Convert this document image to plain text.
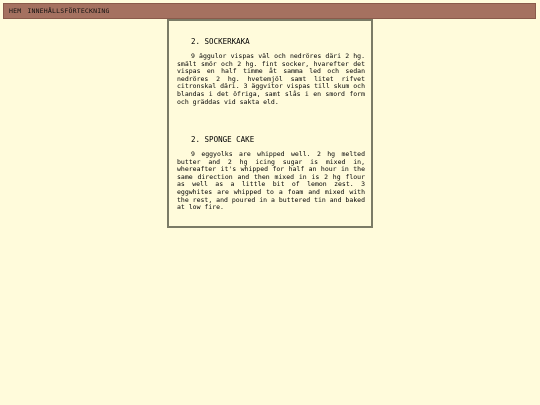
HEM INNEHÅLLSFÖRTECKNING
2. SOCKERKAKA

9 äggulor vispas väl och nedröres däri 2 hg. smält smör och 2 hg. fint socker, hvarefter det vispas en half timme åt samma led och sedan nedröres 2 hg. hvetemjöl samt litet rifvet citronskal däri. 3 äggvitor vispas till skum och blandas i det öfriga, samt slås i en smord form och gräddas vid sakta eld.

2. SPONGE CAKE

9 eggyolks are whipped well. 2 hg melted butter and 2 hg icing sugar is mixed in, whereafter it's whipped for half an hour in the same direction and then mixed in is 2 hg flour as well as a little bit of lemon zest. 3 eggwhites are whipped to a foam and mixed with the rest, and poured in a buttered tin and baked at low fire.
